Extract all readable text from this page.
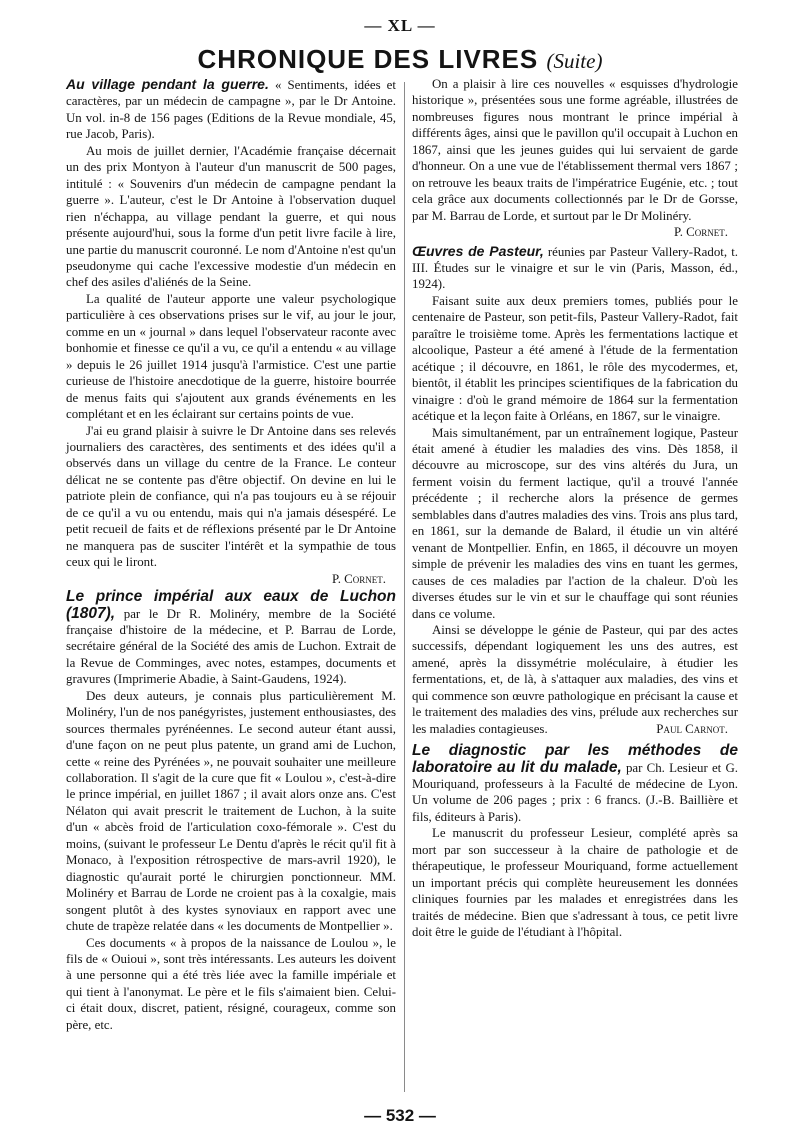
— XL —
CHRONIQUE DES LIVRES (Suite)

Au village pendant la guerre. « Sentiments, idées et caractères, par un médecin de campagne », par le Dr Antoine. Un vol. in-8 de 156 pages (Editions de la Revue mondiale, 45, rue Jacob, Paris).

Au mois de juillet dernier, l'Académie française décernait un des prix Montyon à l'auteur d'un manuscrit de 500 pages, intitulé : « Souvenirs d'un médecin de campagne pendant la guerre ». L'auteur, c'est le Dr Antoine à l'observation duquel rien n'échappa, au village pendant la guerre, et qui nous présente aujourd'hui, sous la forme d'un petit livre facile à lire, une partie du manuscrit couronné. Le nom d'Antoine n'est qu'un pseudonyme qui cache l'excessive modestie d'un médecin en chef des asiles d'aliénés de la Seine.

La qualité de l'auteur apporte une valeur psychologique particulière à ces observations prises sur le vif, au jour le jour, comme en un « journal » dans lequel l'observateur raconte avec bonhomie et finesse ce qu'il a vu, ce qu'il a entendu « au village » depuis le 26 juillet 1914 jusqu'à l'armistice. C'est une partie curieuse de l'histoire anecdotique de la guerre, histoire bourrée de menus faits qui s'ajoutent aux grands événements en les complétant et en les éclairant sur certains points de vue.

J'ai eu grand plaisir à suivre le Dr Antoine dans ses relevés journaliers des caractères, des sentiments et des idées qu'il a observés dans un village du centre de la France. Le conteur délicat ne se contente pas d'être objectif. On devine en lui le patriote plein de confiance, qui n'a pas toujours eu à se réjouir de ce qu'il a vu ou entendu, mais qui n'a jamais désespéré. Le petit recueil de faits et de réflexions présenté par le Dr Antoine ne manquera pas de susciter l'intérêt et la sympathie de tous ceux qui le liront.

P. Cornet.

Le prince impérial aux eaux de Luchon (1807), par le Dr R. Molinéry, membre de la Société française d'histoire de la médecine, et P. Barrau de Lorde, secrétaire général de la Société des amis de Luchon. Extrait de la Revue de Comminges, avec notes, estampes, documents et gravures (Imprimerie Abadie, à Saint-Gaudens, 1924).

Des deux auteurs, je connais plus particulièrement M. Molinéry, l'un de nos panégyristes, justement enthousiastes, des sources thermales pyrénéennes. Le second auteur étant aussi, d'une façon on ne peut plus patente, un grand ami de Luchon, cette « reine des Pyrénées », ne pouvait souhaiter une meilleure collaboration. Il s'agit de la cure que fit « Loulou », c'est-à-dire le prince impérial, en juillet 1867 ; il avait alors onze ans. C'est Nélaton qui avait prescrit le traitement de Luchon, à la suite d'un « abcès froid de l'articulation coxo-fémorale ». C'est du moins, (suivant le professeur Le Dentu d'après le récit qu'il fit à Monaco, à l'exposition rétrospective de mars-avril 1920), le diagnostic qu'aurait porté le chirurgien ponctionneur. MM. Molinéry et Barrau de Lorde ne croient pas à la coxalgie, mais songent plutôt à des kystes synoviaux en rapport avec une chute de trapèze relatée dans « les documents de Montpellier ».

Ces documents « à propos de la naissance de Loulou », le fils de « Ouioui », sont très intéressants. Les auteurs les doivent à une personne qui a été très liée avec la famille impériale et qui tient à l'anonymat. Le père et le fils s'aimaient bien. Celui-ci était doux, discret, patient, résigné, courageux, comme son père, etc.

On a plaisir à lire ces nouvelles « esquisses d'hydrologie historique », présentées sous une forme agréable, illustrées de nombreuses figures nous montrant le prince impérial à différents âges, ainsi que le pavillon qu'il occupait à Luchon en 1867, ainsi que les jeunes guides qui lui servaient de garde d'honneur. On a une vue de l'établissement thermal vers 1867 ; on retrouve les beaux traits de l'impératrice Eugénie, etc. ; tout cela grâce aux documents collectionnés par le Dr de Gorsse, par M. Barrau de Lorde, et surtout par le Dr Molinéry.

P. Cornet.

Œuvres de Pasteur, réunies par Pasteur Vallery-Radot, t. III. Études sur le vinaigre et sur le vin (Paris, Masson, éd., 1924).

Faisant suite aux deux premiers tomes, publiés pour le centenaire de Pasteur, son petit-fils, Pasteur Vallery-Radot, fait paraître le troisième tome. Après les fermentations lactique et alcoolique, Pasteur a été amené à l'étude de la fermentation acétique ; il découvre, en 1861, le rôle des mycodermes, et, bientôt, il établit les principes scientifiques de la fabrication du vinaigre : d'où le grand mémoire de 1864 sur la fermentation acétique et la leçon faite à Orléans, en 1867, sur le vinaigre.

Mais simultanément, par un entraînement logique, Pasteur était amené à étudier les maladies des vins. Dès 1858, il découvre au microscope, sur des vins altérés du Jura, un ferment voisin du ferment lactique, qu'il a trouvé l'année précédente ; il recherche alors la présence de germes semblables dans d'autres maladies des vins. Trois ans plus tard, en 1861, sur la demande de Balard, il étudie un vin altéré venant de Montpellier. Enfin, en 1865, il découvre un moyen simple de prévenir les maladies des vins en tuant les germes, causes de ces maladies par l'action de la chaleur. D'où les diverses études sur le vin et sur le chauffage qui sont réunies dans ce volume.

Ainsi se développe le génie de Pasteur, qui par des actes successifs, dépendant logiquement les uns des autres, est amené, après la dissymétrie moléculaire, à étudier les fermentations, et, de là, à s'attaquer aux maladies, des vins et qui commence son œuvre pathologique en précisant la cause et le traitement des maladies des vins, prélude aux recherches sur les maladies contagieuses.	Paul Carnot.

Le diagnostic par les méthodes de laboratoire au lit du malade, par Ch. Lesieur et G. Mouriquand, professeurs à la Faculté de médecine de Lyon. Un volume de 206 pages ; prix : 6 francs. (J.-B. Baillière et fils, éditeurs à Paris).

Le manuscrit du professeur Lesieur, complété après sa mort par son successeur à la chaire de pathologie et de thérapeutique, le professeur Mouriquand, forme actuellement un important précis qui complète heureusement les données cliniques fournies par les malades et enregistrées dans les traités de médecine. Bien que s'adressant à tous, ce petit livre doit être le guide de l'étudiant à l'hôpital.

— 532 —
